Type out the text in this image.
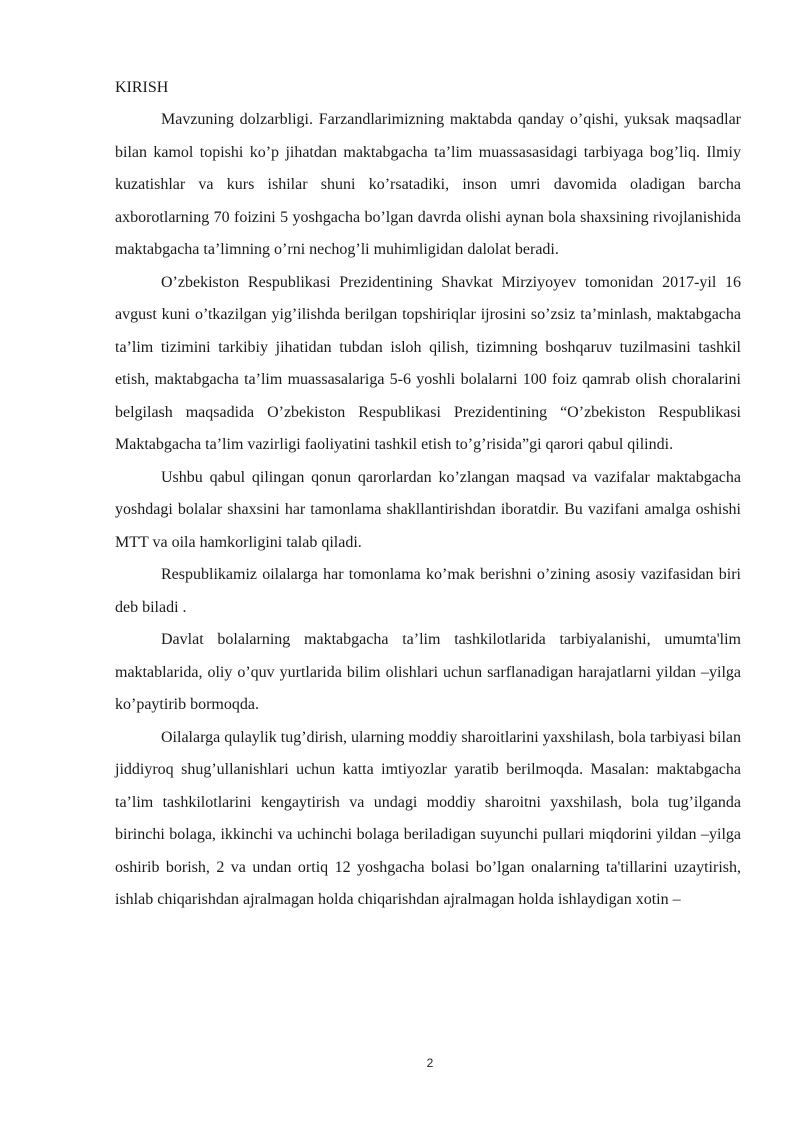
KIRISH

Mavzuning dolzarbligi. Farzandlarimizning maktabda qanday o’qishi, yuksak maqsadlar bilan kamol topishi ko’p jihatdan maktabgacha ta’lim muassasasidagi tarbiyaga bog’liq. Ilmiy kuzatishlar va kurs ishilar shuni ko’rsatadiki, inson umri davomida oladigan barcha axborotlarning 70 foizini 5 yoshgacha bo’lgan davrda olishi aynan bola shaxsining rivojlanishida maktabgacha ta’limning o’rni nechog’li muhimligidan dalolat beradi.

O’zbekiston Respublikasi Prezidentining Shavkat Mirziyoyev tomonidan 2017-yil 16 avgust kuni o’tkazilgan yig’ilishda berilgan topshiriqlar ijrosini so’zsiz ta’minlash, maktabgacha ta’lim tizimini tarkibiy jihatidan tubdan isloh qilish, tizimning boshqaruv tuzilmasini tashkil etish, maktabgacha ta’lim muassasalariga 5-6 yoshli bolalarni 100 foiz qamrab olish choralarini belgilash maqsadida O’zbekiston Respublikasi Prezidentining “O’zbekiston Respublikasi Maktabgacha ta’lim vazirligi faoliyatini tashkil etish to’g’risida”gi qarori qabul qilindi.

Ushbu qabul qilingan qonun qarorlardan ko’zlangan maqsad va vazifalar maktabgacha yoshdagi bolalar shaxsini har tamonlama shakllantirishdan iboratdir. Bu vazifani amalga oshishi MTT va oila hamkorligini talab qiladi.

Respublikamiz oilalarga har tomonlama ko’mak berishni o’zining asosiy vazifasidan biri deb biladi .

Davlat bolalarning maktabgacha ta’lim tashkilotlarida tarbiyalanishi, umumta'lim maktablarida, oliy o’quv yurtlarida bilim olishlari uchun sarflanadigan harajatlarni yildan –yilga ko’paytirib bormoqda.

Oilalarga qulaylik tug’dirish, ularning moddiy sharoitlarini yaxshilash, bola tarbiyasi bilan jiddiyroq shug’ullanishlari uchun katta imtiyozlar yaratib berilmoqda. Masalan: maktabgacha ta’lim tashkilotlarini kengaytirish va undagi moddiy sharoitni yaxshilash, bola tug’ilganda birinchi bolaga, ikkinchi va uchinchi bolaga beriladigan suyunchi pullari miqdorini yildan –yilga oshirib borish, 2 va undan ortiq 12 yoshgacha bolasi bo’lgan onalarning ta'tillarini uzaytirish, ishlab chiqarishdan ajralmagan holda chiqarishdan ajralmagan holda ishlaydigan xotin –

2
